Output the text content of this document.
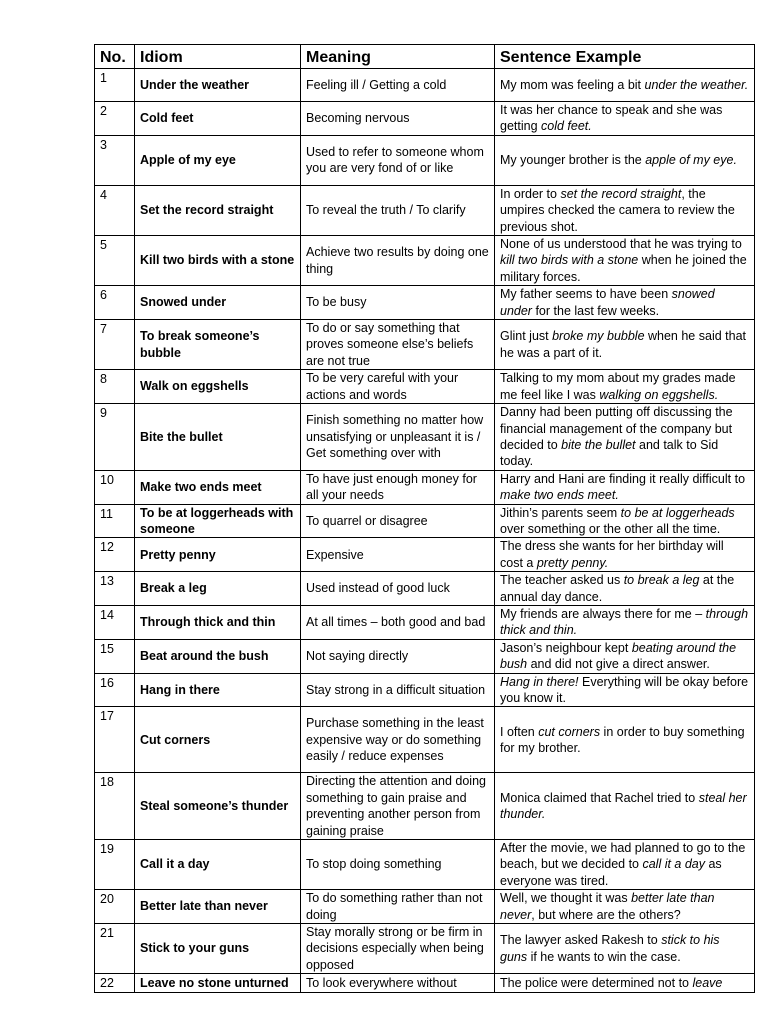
No.	Idiom	Meaning	Sentence Example
1	Under the weather	Feeling ill / Getting a cold	My mom was feeling a bit under the weather.
2	Cold feet	Becoming nervous	It was her chance to speak and she was getting cold feet.
3	Apple of my eye	Used to refer to someone whom you are very fond of or like	My younger brother is the apple of my eye.
4	Set the record straight	To reveal the truth / To clarify	In order to set the record straight, the umpires checked the camera to review the previous shot.
5	Kill two birds with a stone	Achieve two results by doing one thing	None of us understood that he was trying to kill two birds with a stone when he joined the military forces.
6	Snowed under	To be busy	My father seems to have been snowed under for the last few weeks.
7	To break someone’s bubble	To do or say something that proves someone else’s beliefs are not true	Glint just broke my bubble when he said that he was a part of it.
8	Walk on eggshells	To be very careful with your actions and words	Talking to my mom about my grades made me feel like I was walking on eggshells.
9	Bite the bullet	Finish something no matter how unsatisfying or unpleasant it is / Get something over with	Danny had been putting off discussing the financial management of the company but decided to bite the bullet and talk to Sid today.
10	Make two ends meet	To have just enough money for all your needs	Harry and Hani are finding it really difficult to make two ends meet.
11	To be at loggerheads with someone	To quarrel or disagree	Jithin’s parents seem to be at loggerheads over something or the other all the time.
12	Pretty penny	Expensive	The dress she wants for her birthday will cost a pretty penny.
13	Break a leg	Used instead of good luck	The teacher asked us to break a leg at the annual day dance.
14	Through thick and thin	At all times – both good and bad	My friends are always there for me – through thick and thin.
15	Beat around the bush	Not saying directly	Jason’s neighbour kept beating around the bush and did not give a direct answer.
16	Hang in there	Stay strong in a difficult situation	Hang in there! Everything will be okay before you know it.
17	Cut corners	Purchase something in the least expensive way or do something easily / reduce expenses	I often cut corners in order to buy something for my brother.
18	Steal someone’s thunder	Directing the attention and doing something to gain praise and preventing another person from gaining praise	Monica claimed that Rachel tried to steal her thunder.
19	Call it a day	To stop doing something	After the movie, we had planned to go to the beach, but we decided to call it a day as everyone was tired.
20	Better late than never	To do something rather than not doing	Well, we thought it was better late than never, but where are the others?
21	Stick to your guns	Stay morally strong or be firm in decisions especially when being opposed	The lawyer asked Rakesh to stick to his guns if he wants to win the case.
22	Leave no stone unturned	To look everywhere without	The police were determined not to leave
